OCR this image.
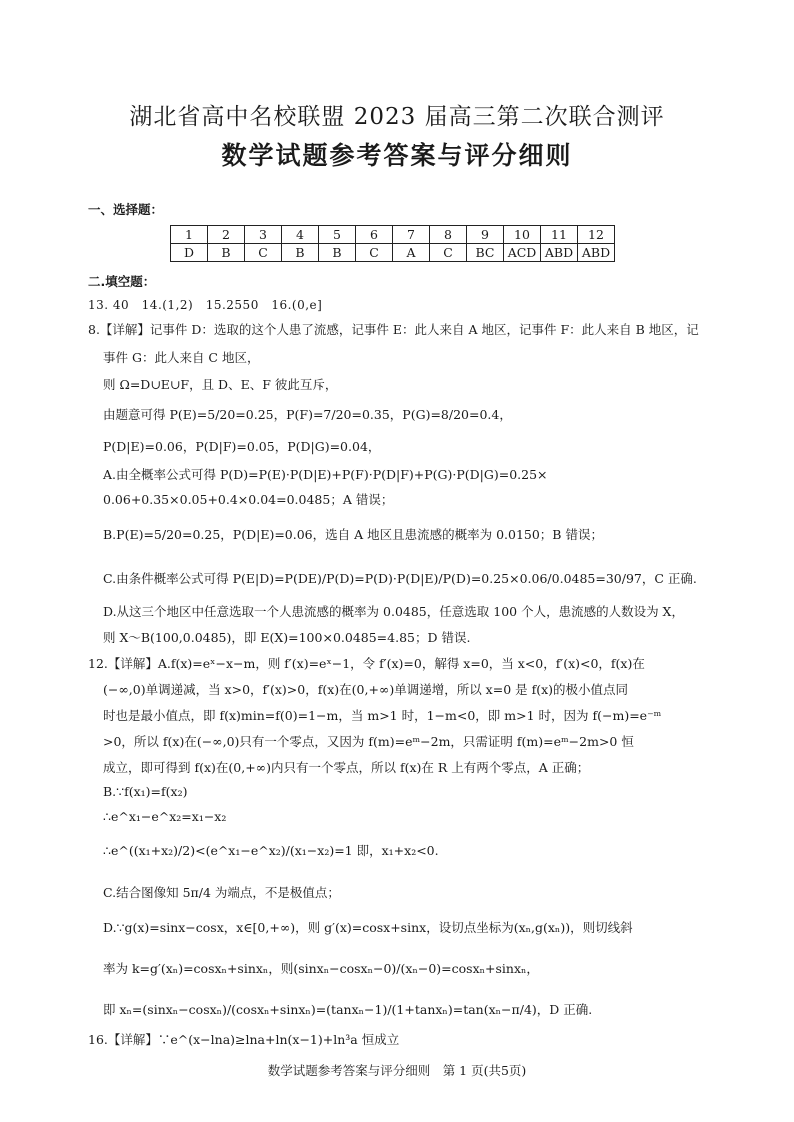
湖北省高中名校联盟 2023 届高三第二次联合测评
数学试题参考答案与评分细则
一、选择题：
1	2	3	4	5	6	7	8	9	10	11	12
D	B	C	B	B	C	A	C	BC	ACD	ABD	ABD
二.填空题：
13. 40　14.(1,2)　15.2550　16.(0,e]
8.【详解】记事件 D：选取的这个人患了流感，记事件 E：此人来自 A 地区，记事件 F：此人来自 B 地区，记
事件 G：此人来自 C 地区，
则 Ω=D∪E∪F，且 D、E、F 彼此互斥，
由题意可得 P(E)=5/20=0.25，P(F)=7/20=0.35，P(G)=8/20=0.4，
P(D|E)=0.06，P(D|F)=0.05，P(D|G)=0.04，
A.由全概率公式可得 P(D)=P(E)·P(D|E)+P(F)·P(D|F)+P(G)·P(D|G)=0.25×
0.06+0.35×0.05+0.4×0.04=0.0485；A 错误；
B.P(E)=5/20=0.25，P(D|E)=0.06，选自 A 地区且患流感的概率为 0.0150；B 错误；
C.由条件概率公式可得 P(E|D)=P(DE)/P(D)=P(D)·P(D|E)/P(D)=0.25×0.06/0.0485=30/97，C 正确.
D.从这三个地区中任意选取一个人患流感的概率为 0.0485，任意选取 100 个人，患流感的人数设为 X，
则 X～B(100,0.0485)，即 E(X)=100×0.0485=4.85；D 错误.
12.【详解】A.f(x)=eˣ−x−m，则 f′(x)=eˣ−1，令 f′(x)=0，解得 x=0，当 x<0，f′(x)<0，f(x)在
(−∞,0)单调递减，当 x>0，f′(x)>0，f(x)在(0,+∞)单调递增，所以 x=0 是 f(x)的极小值点同
时也是最小值点，即 f(x)min=f(0)=1−m，当 m>1 时，1−m<0，即 m>1 时，因为 f(−m)=e⁻ᵐ
>0，所以 f(x)在(−∞,0)只有一个零点，又因为 f(m)=eᵐ−2m，只需证明 f(m)=eᵐ−2m>0 恒
成立，即可得到 f(x)在(0,+∞)内只有一个零点，所以 f(x)在 R 上有两个零点，A 正确；
B.∵f(x₁)=f(x₂)
∴e^x₁−e^x₂=x₁−x₂
∴e^((x₁+x₂)/2)<(e^x₁−e^x₂)/(x₁−x₂)=1 即，x₁+x₂<0.
C.结合图像知 5π/4 为端点，不是极值点；
D.∵g(x)=sinx−cosx，x∈[0,+∞)，则 g′(x)=cosx+sinx，设切点坐标为(xₙ,g(xₙ))，则切线斜
率为 k=g′(xₙ)=cosxₙ+sinxₙ，则(sinxₙ−cosxₙ−0)/(xₙ−0)=cosxₙ+sinxₙ，
即 xₙ=(sinxₙ−cosxₙ)/(cosxₙ+sinxₙ)=(tanxₙ−1)/(1+tanxₙ)=tan(xₙ−π/4)，D 正确.
16.【详解】∵e^(x−lna)≥lna+ln(x−1)+ln³a 恒成立
数学试题参考答案与评分细则　第 1 页(共5页)
